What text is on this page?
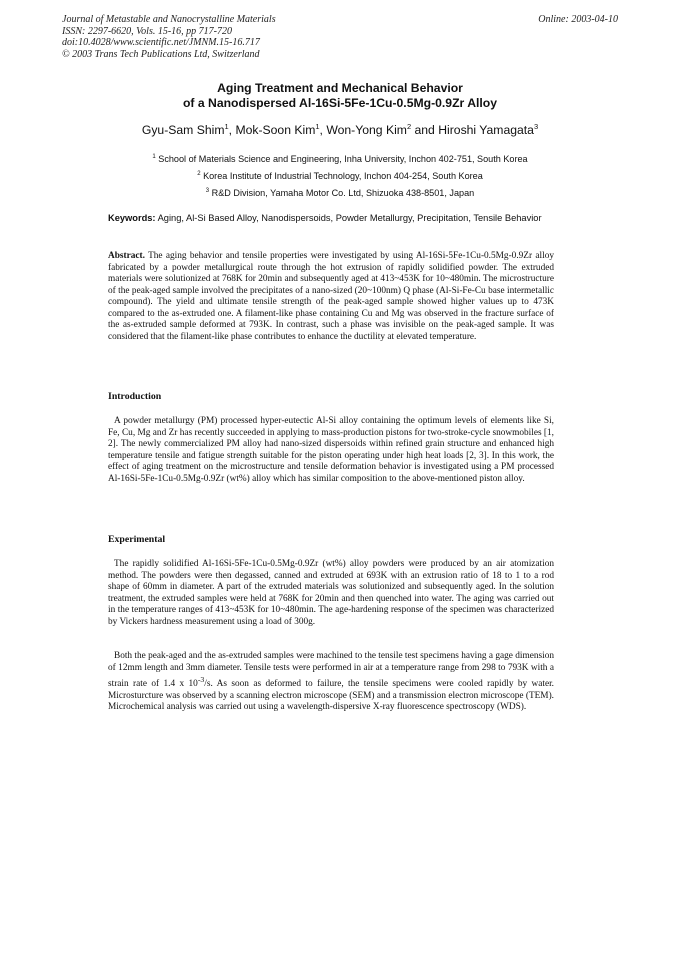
Journal of Metastable and Nanocrystalline Materials
ISSN: 2297-6620, Vols. 15-16, pp 717-720
doi:10.4028/www.scientific.net/JMNM.15-16.717
© 2003 Trans Tech Publications Ltd, Switzerland
Online: 2003-04-10
Aging Treatment and Mechanical Behavior
of a Nanodispersed Al-16Si-5Fe-1Cu-0.5Mg-0.9Zr Alloy
Gyu-Sam Shim$^1$, Mok-Soon Kim$^1$, Won-Yong Kim$^2$ and Hiroshi Yamagata$^3$
$^1$ School of Materials Science and Engineering, Inha University, Inchon 402-751, South Korea
$^2$ Korea Institute of Industrial Technology, Inchon 404-254, South Korea
$^3$ R&D Division, Yamaha Motor Co. Ltd, Shizuoka 438-8501, Japan
Keywords: Aging, Al-Si Based Alloy, Nanodispersoids, Powder Metallurgy, Precipitation, Tensile Behavior

Abstract. The aging behavior and tensile properties were investigated by using Al-16Si-5Fe-1Cu-0.5Mg-0.9Zr alloy fabricated by a powder metallurgical route through the hot extrusion of rapidly solidified powder. The extruded materials were solutionized at 768K for 20min and subsequently aged at 413~453K for 10~480min. The microstructure of the peak-aged sample involved the precipitates of a nano-sized (20~100nm) Q phase (Al-Si-Fe-Cu base intermetallic compound). The yield and ultimate tensile strength of the peak-aged sample showed higher values up to 473K compared to the as-extruded one. A filament-like phase containing Cu and Mg was observed in the fracture surface of the as-extruded sample deformed at 793K. In contrast, such a phase was invisible on the peak-aged sample. It was considered that the filament-like phase contributes to enhance the ductility at elevated temperature.

Introduction

A powder metallurgy (PM) processed hyper-eutectic Al-Si alloy containing the optimum levels of elements like Si, Fe, Cu, Mg and Zr has recently succeeded in applying to mass-production pistons for two-stroke-cycle snowmobiles [1, 2]. The newly commercialized PM alloy had nano-sized dispersoids within refined grain structure and enhanced high temperature tensile and fatigue strength suitable for the piston operating under high heat loads [2, 3]. In this work, the effect of aging treatment on the microstructure and tensile deformation behavior is investigated using a PM processed Al-16Si-5Fe-1Cu-0.5Mg-0.9Zr (wt%) alloy which has similar composition to the above-mentioned piston alloy.

Experimental

The rapidly solidified Al-16Si-5Fe-1Cu-0.5Mg-0.9Zr (wt%) alloy powders were produced by an air atomization method. The powders were then degassed, canned and extruded at 693K with an extrusion ratio of 18 to 1 to a rod shape of 60mm in diameter. A part of the extruded materials was solutionized and subsequently aged. In the solution treatment, the extruded samples were held at 768K for 20min and then quenched into water. The aging was carried out in the temperature ranges of 413~453K for 10~480min. The age-hardening response of the specimen was characterized by Vickers hardness measurement using a load of 300g.

Both the peak-aged and the as-extruded samples were machined to the tensile test specimens having a gage dimension of 12mm length and 3mm diameter. Tensile tests were performed in air at a temperature range from 298 to 793K with a strain rate of 1.4 x $10^{-3}/s$. As soon as deformed to failure, the tensile specimens were cooled rapidly by water. Microsturcture was observed by a scanning electron microscope (SEM) and a transmission electron microscope (TEM). Microchemical analysis was carried out using a wavelength-dispersive X-ray fluorescence spectroscopy (WDS).
